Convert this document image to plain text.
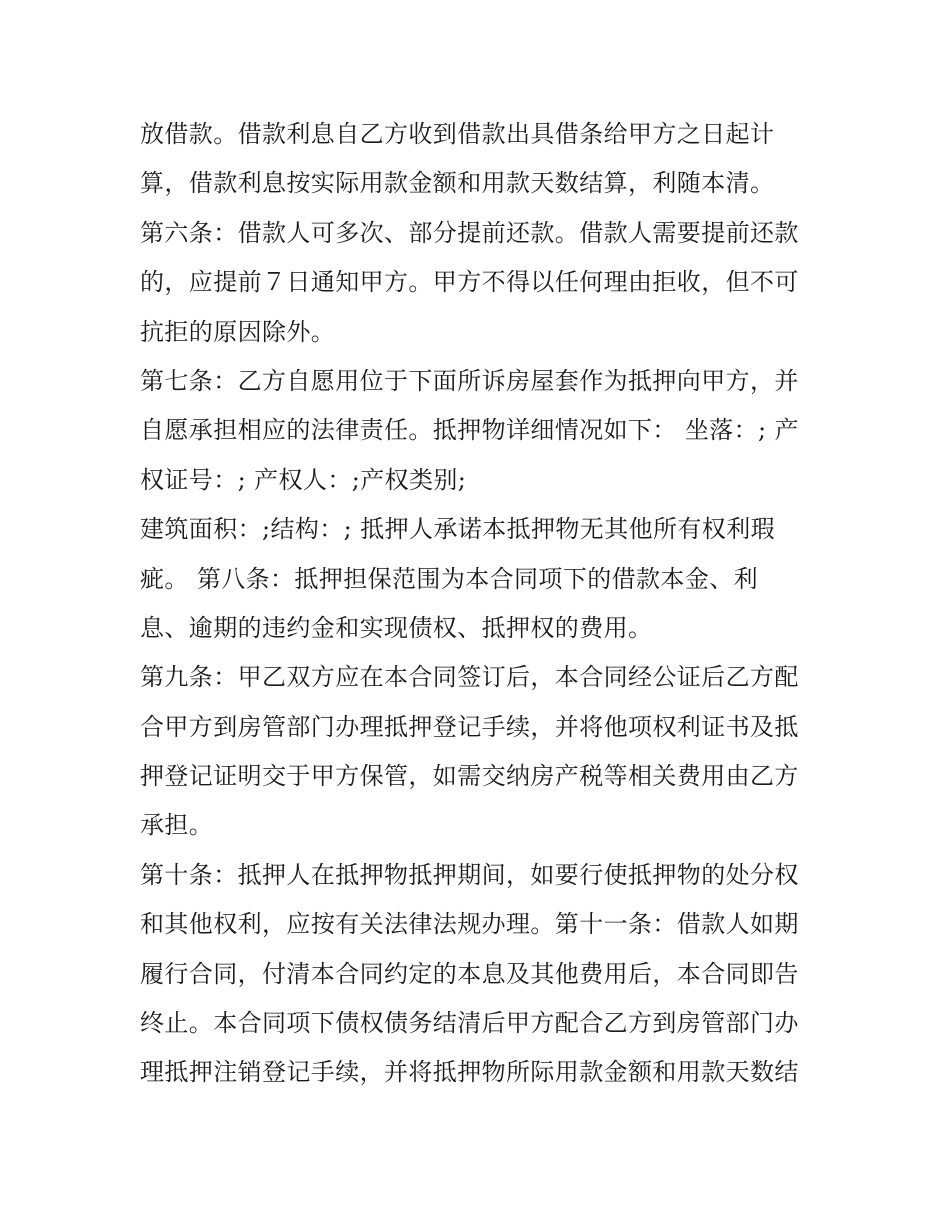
放借款。借款利息自乙方收到借款出具借条给甲方之日起计
算，借款利息按实际用款金额和用款天数结算，利随本清。
第六条：借款人可多次、部分提前还款。借款人需要提前还款
的，应提前７日通知甲方。甲方不得以任何理由拒收，但不可
抗拒的原因除外。
第七条：乙方自愿用位于下面所诉房屋套作为抵押向甲方，并
自愿承担相应的法律责任。抵押物详细情况如下： 坐落：; 产
权证号：; 产权人：;产权类别;
建筑面积：;结构：; 抵押人承诺本抵押物无其他所有权利瑕
疵。 第八条：抵押担保范围为本合同项下的借款本金、利
息、逾期的违约金和实现债权、抵押权的费用。
第九条：甲乙双方应在本合同签订后，本合同经公证后乙方配
合甲方到房管部门办理抵押登记手续，并将他项权利证书及抵
押登记证明交于甲方保管，如需交纳房产税等相关费用由乙方
承担。
第十条：抵押人在抵押物抵押期间，如要行使抵押物的处分权
和其他权利，应按有关法律法规办理。第十一条：借款人如期
履行合同，付清本合同约定的本息及其他费用后，本合同即告
终止。本合同项下债权债务结清后甲方配合乙方到房管部门办
理抵押注销登记手续，并将抵押物所际用款金额和用款天数结
